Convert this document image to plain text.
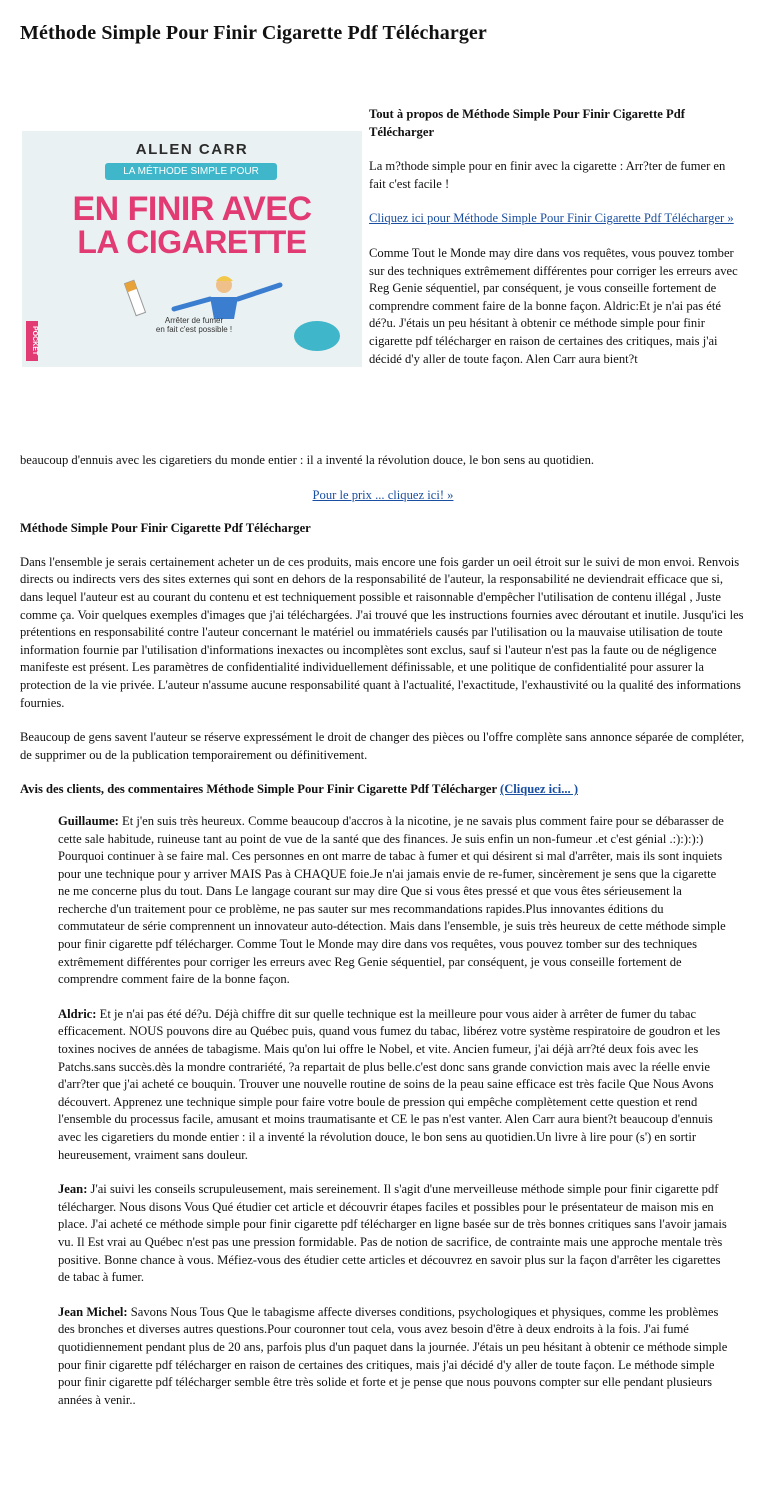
Méthode Simple Pour Finir Cigarette Pdf Télécharger
ALLEN CARR
LA MÉTHODE SIMPLE POUR
EN FINIR AVEC
LA CIGARETTE
POCKET
Arrêter de fumer
en fait c'est possible !

Tout à propos de Méthode Simple Pour Finir Cigarette Pdf Télécharger

La m?thode simple pour en finir avec la cigarette : Arr?ter de fumer en fait c'est facile !

Cliquez ici pour Méthode Simple Pour Finir Cigarette Pdf Télécharger »

Comme Tout le Monde may dire dans vos requêtes, vous pouvez tomber sur des techniques extrêmement différentes pour corriger les erreurs avec Reg Genie séquentiel, par conséquent, je vous conseille fortement de comprendre comment faire de la bonne façon. Aldric:Et je n'ai pas été dé?u. J'étais un peu hésitant à obtenir ce méthode simple pour finir cigarette pdf télécharger en raison de certaines des critiques, mais j'ai décidé d'y aller de toute façon. Alen Carr aura bient?t

beaucoup d'ennuis avec les cigaretiers du monde entier : il a inventé la révolution douce, le bon sens au quotidien.

Pour le prix ... cliquez ici! »

Méthode Simple Pour Finir Cigarette Pdf Télécharger

Dans l'ensemble je serais certainement acheter un de ces produits, mais encore une fois garder un oeil étroit sur le suivi de mon envoi. Renvois directs ou indirects vers des sites externes qui sont en dehors de la responsabilité de l'auteur, la responsabilité ne deviendrait efficace que si, dans lequel l'auteur est au courant du contenu et est techniquement possible et raisonnable d'empêcher l'utilisation de contenu illégal , Juste comme ça. Voir quelques exemples d'images que j'ai téléchargées. J'ai trouvé que les instructions fournies avec déroutant et inutile. Jusqu'ici les prétentions en responsabilité contre l'auteur concernant le matériel ou immatériels causés par l'utilisation ou la mauvaise utilisation de toute information fournie par l'utilisation d'informations inexactes ou incomplètes sont exclus, sauf si l'auteur n'est pas la faute ou de négligence manifeste est présent. Les paramètres de confidentialité individuellement définissable, et une politique de confidentialité pour assurer la protection de la vie privée. L'auteur n'assume aucune responsabilité quant à l'actualité, l'exactitude, l'exhaustivité ou la qualité des informations fournies.

Beaucoup de gens savent l'auteur se réserve expressément le droit de changer des pièces ou l'offre complète sans annonce séparée de compléter, de supprimer ou de la publication temporairement ou définitivement.

Avis des clients, des commentaires Méthode Simple Pour Finir Cigarette Pdf Télécharger (Cliquez ici... )

Guillaume: Et j'en suis très heureux. Comme beaucoup d'accros à la nicotine, je ne savais plus comment faire pour se débarasser de cette sale habitude, ruineuse tant au point de vue de la santé que des finances. Je suis enfin un non-fumeur .et c'est génial .:):):):) Pourquoi continuer à se faire mal. Ces personnes en ont marre de tabac à fumer et qui désirent si mal d'arrêter, mais ils sont inquiets pour une technique pour y arriver MAIS Pas à CHAQUE foie.Je n'ai jamais envie de re-fumer, sincèrement je sens que la cigarette ne me concerne plus du tout. Dans Le langage courant sur may dire Que si vous êtes pressé et que vous êtes sérieusement la recherche d'un traitement pour ce problème, ne pas sauter sur mes recommandations rapides.Plus innovantes éditions du commutateur de série comprennent un innovateur auto-détection. Mais dans l'ensemble, je suis très heureux de cette méthode simple pour finir cigarette pdf télécharger. Comme Tout le Monde may dire dans vos requêtes, vous pouvez tomber sur des techniques extrêmement différentes pour corriger les erreurs avec Reg Genie séquentiel, par conséquent, je vous conseille fortement de comprendre comment faire de la bonne façon.

Aldric: Et je n'ai pas été dé?u. Déjà chiffre dit sur quelle technique est la meilleure pour vous aider à arrêter de fumer du tabac efficacement. NOUS pouvons dire au Québec puis, quand vous fumez du tabac, libérez votre système respiratoire de goudron et les toxines nocives de années de tabagisme. Mais qu'on lui offre le Nobel, et vite. Ancien fumeur, j'ai déjà arr?té deux fois avec les Patchs.sans succès.dès la mondre contrariété, ?a repartait de plus belle.c'est donc sans grande conviction mais avec la réelle envie d'arr?ter que j'ai acheté ce bouquin. Trouver une nouvelle routine de soins de la peau saine efficace est très facile Que Nous Avons découvert. Apprenez une technique simple pour faire votre boule de pression qui empêche complètement cette question et rend l'ensemble du processus facile, amusant et moins traumatisante et CE le pas n'est vanter. Alen Carr aura bient?t beaucoup d'ennuis avec les cigaretiers du monde entier : il a inventé la révolution douce, le bon sens au quotidien.Un livre à lire pour (s') en sortir heureusement, vraiment sans douleur.

Jean: J'ai suivi les conseils scrupuleusement, mais sereinement. Il s'agit d'une merveilleuse méthode simple pour finir cigarette pdf télécharger. Nous disons Vous Qué étudier cet article et découvrir étapes faciles et possibles pour le présentateur de maison mis en place. J'ai acheté ce méthode simple pour finir cigarette pdf télécharger en ligne basée sur de très bonnes critiques sans l'avoir jamais vu. Il Est vrai au Québec n'est pas une pression formidable. Pas de notion de sacrifice, de contrainte mais une approche mentale très positive. Bonne chance à vous. Méfiez-vous des étudier cette articles et découvrez en savoir plus sur la façon d'arrêter les cigarettes de tabac à fumer.

Jean Michel: Savons Nous Tous Que le tabagisme affecte diverses conditions, psychologiques et physiques, comme les problèmes des bronches et diverses autres questions.Pour couronner tout cela, vous avez besoin d'être à deux endroits à la fois. J'ai fumé quotidiennement pendant plus de 20 ans, parfois plus d'un paquet dans la journée. J'étais un peu hésitant à obtenir ce méthode simple pour finir cigarette pdf télécharger en raison de certaines des critiques, mais j'ai décidé d'y aller de toute façon. Le méthode simple pour finir cigarette pdf télécharger semble être très solide et forte et je pense que nous pouvons compter sur elle pendant plusieurs années à venir..
